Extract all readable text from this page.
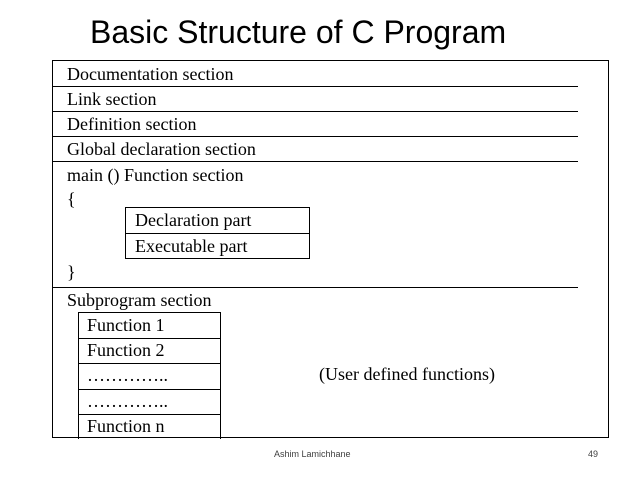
Basic Structure of C Program
Documentation section
Link section
Definition section
Global declaration section
main () Function section
{
Declaration part
Executable part
}
Subprogram section
Function 1
Function 2
…………..
…………..
Function n
(User defined functions)
Ashim Lamichhane	49
